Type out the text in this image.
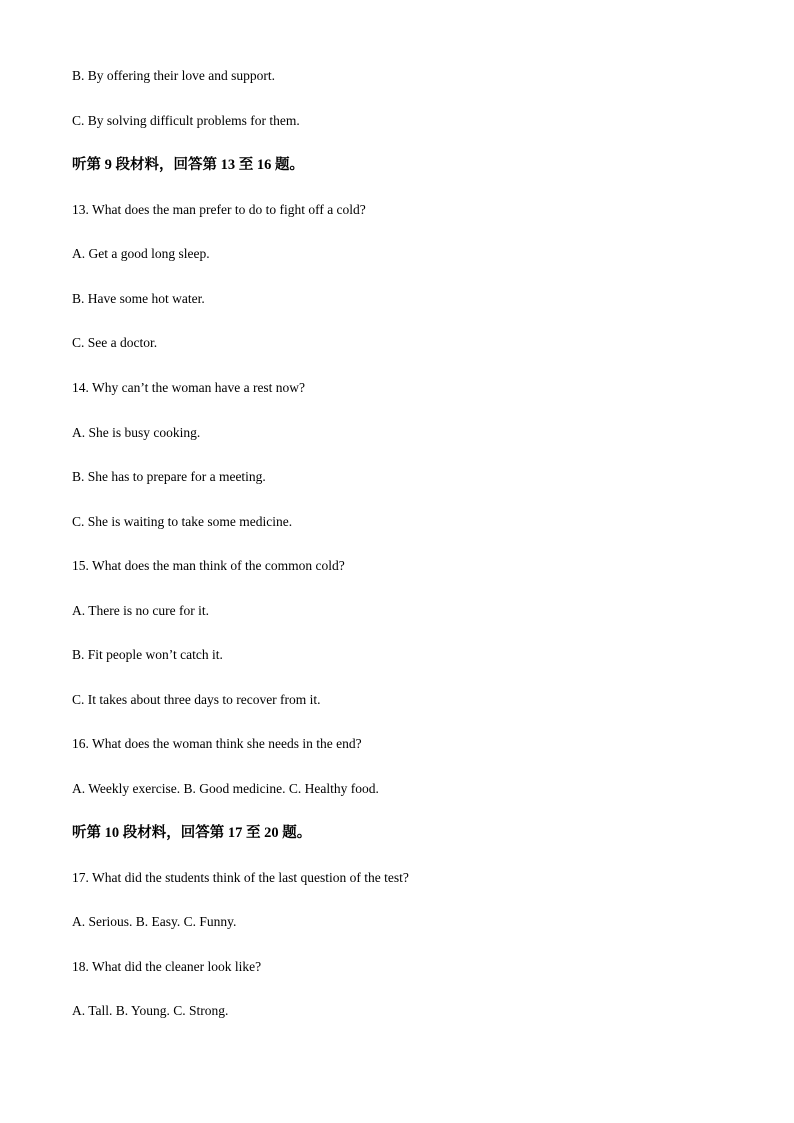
B. By offering their love and support.
C. By solving difficult problems for them.
听第 9 段材料，回答第 13 至 16 题。
13. What does the man prefer to do to fight off a cold?
A. Get a good long sleep.
B. Have some hot water.
C. See a doctor.
14. Why can’t the woman have a rest now?
A. She is busy cooking.
B. She has to prepare for a meeting.
C. She is waiting to take some medicine.
15. What does the man think of the common cold?
A. There is no cure for it.
B. Fit people won’t catch it.
C. It takes about three days to recover from it.
16. What does the woman think she needs in the end?
A. Weekly exercise. B. Good medicine. C. Healthy food.
听第 10 段材料，回答第 17 至 20 题。
17. What did the students think of the last question of the test?
A. Serious. B. Easy. C. Funny.
18. What did the cleaner look like?
A. Tall. B. Young. C. Strong.
